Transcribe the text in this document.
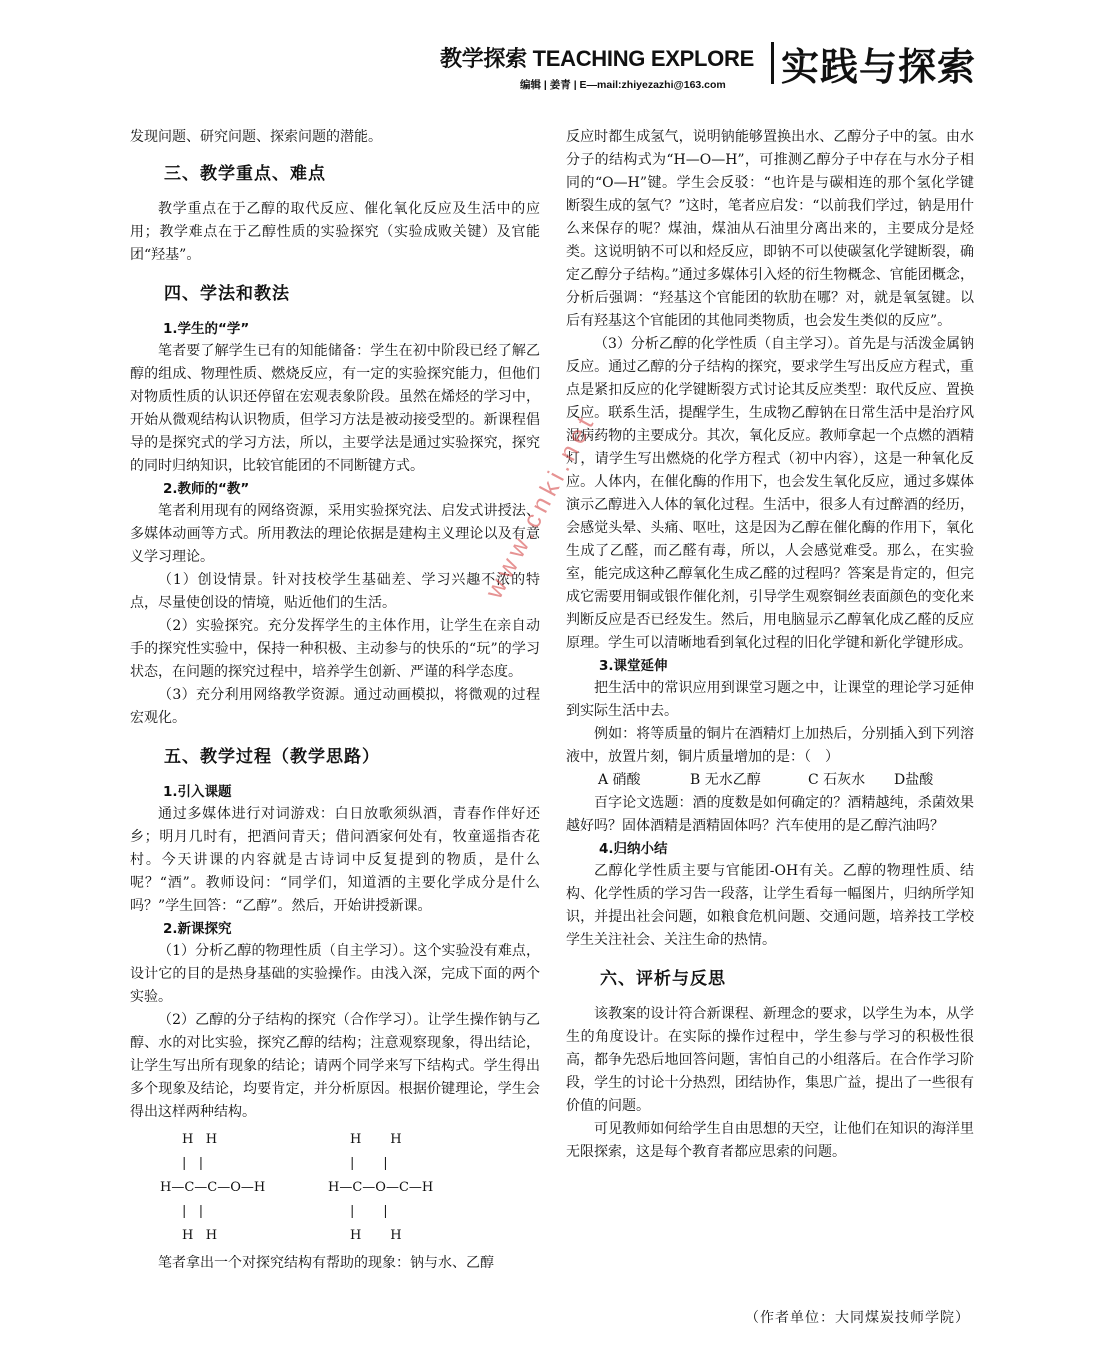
教学探索 TEACHING EXPLORE
编辑 | 姜青 | E—mail:zhiyezazhi@163.com	实践与探索

发现问题、研究问题、探索问题的潜能。

三、教学重点、难点

教学重点在于乙醇的取代反应、催化氧化反应及生活中的应用；教学难点在于乙醇性质的实验探究（实验成败关键）及官能团“羟基”。

四、学法和教法
1.学生的“学”

笔者要了解学生已有的知能储备：学生在初中阶段已经了解乙醇的组成、物理性质、燃烧反应，有一定的实验探究能力，但他们对物质性质的认识还停留在宏观表象阶段。虽然在烯烃的学习中，开始从微观结构认识物质，但学习方法是被动接受型的。新课程倡导的是探究式的学习方法，所以，主要学法是通过实验探究，探究的同时归纳知识，比较官能团的不同断键方式。

2.教师的“教”

笔者利用现有的网络资源，采用实验探究法、启发式讲授法、多媒体动画等方式。所用教法的理论依据是建构主义理论以及有意义学习理论。

（1）创设情景。针对技校学生基础差、学习兴趣不浓的特点，尽量使创设的情境，贴近他们的生活。

（2）实验探究。充分发挥学生的主体作用，让学生在亲自动手的探究性实验中，保持一种积极、主动参与的快乐的“玩”的学习状态，在问题的探究过程中，培养学生创新、严谨的科学态度。

（3）充分利用网络教学资源。通过动画模拟，将微观的过程宏观化。

五、教学过程（教学思路）
1.引入课题

通过多媒体进行对词游戏：白日放歌须纵酒，青春作伴好还乡；明月几时有，把酒问青天；借问酒家何处有，牧童遥指杏花村。今天讲课的内容就是古诗词中反复提到的物质，是什么呢？“酒”。教师设问：“同学们，知道酒的主要化学成分是什么吗？”学生回答：“乙醇”。然后，开始讲授新课。

2.新课探究

（1）分析乙醇的物理性质（自主学习）。这个实验没有难点，设计它的目的是热身基础的实验操作。由浅入深，完成下面的两个实验。

（2）乙醇的分子结构的探究（合作学习）。让学生操作钠与乙醇、水的对比实验，探究乙醇的结构；注意观察现象，得出结论，让学生写出所有现象的结论；请两个同学来写下结构式。学生得出多个现象及结论，均要肯定，并分析原因。根据价键理论，学生会得出这样两种结构。

H   H
|   |
H—C—C—O—H
|   |
H   H
H       H
|       |
H—C—O—C—H
|       |
H       H

笔者拿出一个对探究结构有帮助的现象：钠与水、乙醇

反应时都生成氢气，说明钠能够置换出水、乙醇分子中的氢。由水分子的结构式为“H—O—H”，可推测乙醇分子中存在与水分子相同的“O—H”键。学生会反驳：“也许是与碳相连的那个氢化学键断裂生成的氢气？”这时，笔者应启发：“以前我们学过，钠是用什么来保存的呢？煤油，煤油从石油里分离出来的，主要成分是烃类。这说明钠不可以和烃反应，即钠不可以使碳氢化学键断裂，确定乙醇分子结构。”通过多媒体引入烃的衍生物概念、官能团概念，分析后强调：“羟基这个官能团的软肋在哪？对，就是氧氢键。以后有羟基这个官能团的其他同类物质，也会发生类似的反应”。

（3）分析乙醇的化学性质（自主学习）。首先是与活泼金属钠反应。通过乙醇的分子结构的探究，要求学生写出反应方程式，重点是紧扣反应的化学键断裂方式讨论其反应类型：取代反应、置换反应。联系生活，提醒学生，生成物乙醇钠在日常生活中是治疗风湿病药物的主要成分。其次，氧化反应。教师拿起一个点燃的酒精灯，请学生写出燃烧的化学方程式（初中内容），这是一种氧化反应。人体内，在催化酶的作用下，也会发生氧化反应，通过多媒体演示乙醇进入人体的氧化过程。生活中，很多人有过醉酒的经历，会感觉头晕、头痛、呕吐，这是因为乙醇在催化酶的作用下，氧化生成了乙醛，而乙醛有毒，所以，人会感觉难受。那么，在实验室，能完成这种乙醇氧化生成乙醛的过程吗？答案是肯定的，但完成它需要用铜或银作催化剂，引导学生观察铜丝表面颜色的变化来判断反应是否已经发生。然后，用电脑显示乙醇氧化成乙醛的反应原理。学生可以清晰地看到氧化过程的旧化学键和新化学键形成。

3.课堂延伸

把生活中的常识应用到课堂习题之中，让课堂的理论学习延伸到实际生活中去。

例如：将等质量的铜片在酒精灯上加热后，分别插入到下列溶液中，放置片刻，铜片质量增加的是：（　）

A 硝酸	B 无水乙醇	C 石灰水	D盐酸

百字论文选题：酒的度数是如何确定的？酒精越纯，杀菌效果越好吗？固体酒精是酒精固体吗？汽车使用的是乙醇汽油吗？

4.归纳小结

乙醇化学性质主要与官能团-OH有关。乙醇的物理性质、结构、化学性质的学习告一段落，让学生看每一幅图片，归纳所学知识，并提出社会问题，如粮食危机问题、交通问题，培养技工学校学生关注社会、关注生命的热情。

六、评析与反思

该教案的设计符合新课程、新理念的要求，以学生为本，从学生的角度设计。在实际的操作过程中，学生参与学习的积极性很高，都争先恐后地回答问题，害怕自己的小组落后。在合作学习阶段，学生的讨论十分热烈，团结协作，集思广益，提出了一些很有价值的问题。

可见教师如何给学生自由思想的天空，让他们在知识的海洋里无限探索，这是每个教育者都应思索的问题。

（作者单位：大同煤炭技师学院）
www.cnki.net
